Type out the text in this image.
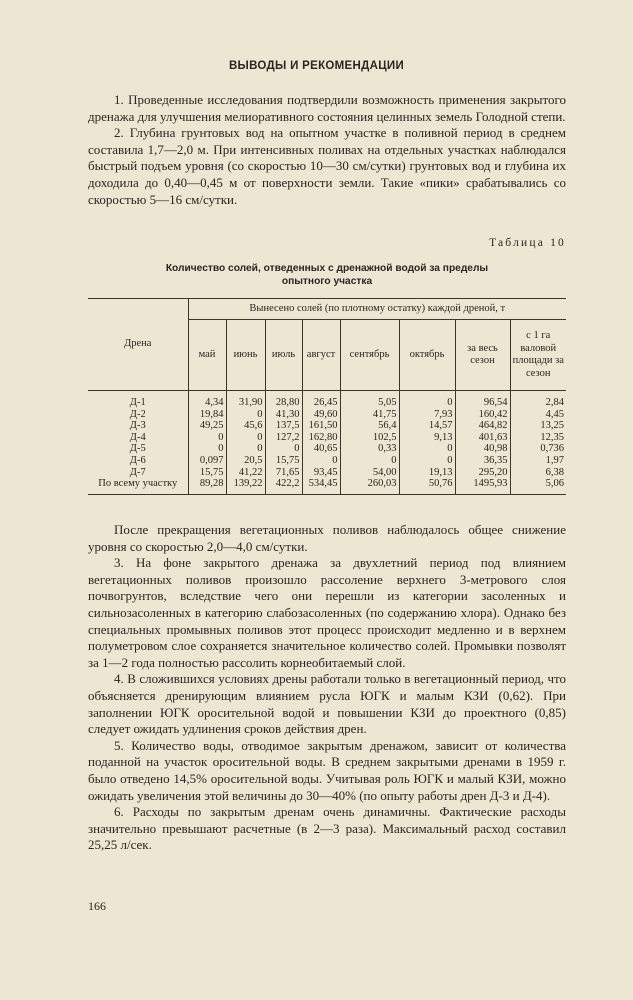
ВЫВОДЫ И РЕКОМЕНДАЦИИ

1. Проведенные исследования подтвердили возможность применения закрытого дренажа для улучшения мелиоративного состояния целинных земель Голодной степи.

2. Глубина грунтовых вод на опытном участке в поливной период в среднем составила 1,7—2,0 м. При интенсивных поливах на отдельных участках наблюдался быстрый подъем уровня (со скоростью 10—30 см/сутки) грунтовых вод и глубина их доходила до 0,40—0,45 м от поверхности земли. Такие «пики» срабатывались со скоростью 5—16 см/сутки.

Таблица 10
Количество солей, отведенных с дренажной водой за пределы
опытного участка
Дрена	Вынесено солей (по плотному остатку) каждой дреной, т							
	май	июнь	июль	август	сентябрь	октябрь	за весь сезон	с 1 га валовой площади за сезон
Д-1	4,34	31,90	28,80	26,45	5,05	0	96,54	2,84
Д-2	19,84	0	41,30	49,60	41,75	7,93	160,42	4,45
Д-3	49,25	45,6	137,5	161,50	56,4	14,57	464,82	13,25
Д-4	0	0	127,2	162,80	102,5	9,13	401,63	12,35
Д-5	0	0	0	40,65	0,33	0	40,98	0,736
Д-6	0,097	20,5	15,75	0	0	0	36,35	1,97
Д-7	15,75	41,22	71,65	93,45	54,00	19,13	295,20	6,38
По всему участку	89,28	139,22	422,2	534,45	260,03	50,76	1495,93	5,06

После прекращения вегетационных поливов наблюдалось общее снижение уровня со скоростью 2,0—4,0 см/сутки.

3. На фоне закрытого дренажа за двухлетний период под влиянием вегетационных поливов произошло рассоление верхнего 3-метрового слоя почвогрунтов, вследствие чего они перешли из категории засоленных и сильнозасоленных в категорию слабозасоленных (по содержанию хлора). Однако без специальных промывных поливов этот процесс происходит медленно и в верхнем полуметровом слое сохраняется значительное количество солей. Промывки позволят за 1—2 года полностью рассолить корнеобитаемый слой.

4. В сложившихся условиях дрены работали только в вегетационный период, что объясняется дренирующим влиянием русла ЮГК и малым КЗИ (0,62). При заполнении ЮГК оросительной водой и повышении КЗИ до проектного (0,85) следует ожидать удлинения сроков действия дрен.

5. Количество воды, отводимое закрытым дренажом, зависит от количества поданной на участок оросительной воды. В среднем закрытыми дренами в 1959 г. было отведено 14,5% оросительной воды. Учитывая роль ЮГК и малый КЗИ, можно ожидать увеличения этой величины до 30—40% (по опыту работы дрен Д-3 и Д-4).

6. Расходы по закрытым дренам очень динамичны. Фактические расходы значительно превышают расчетные (в 2—3 раза). Максимальный расход составил 25,25 л/сек.

166
